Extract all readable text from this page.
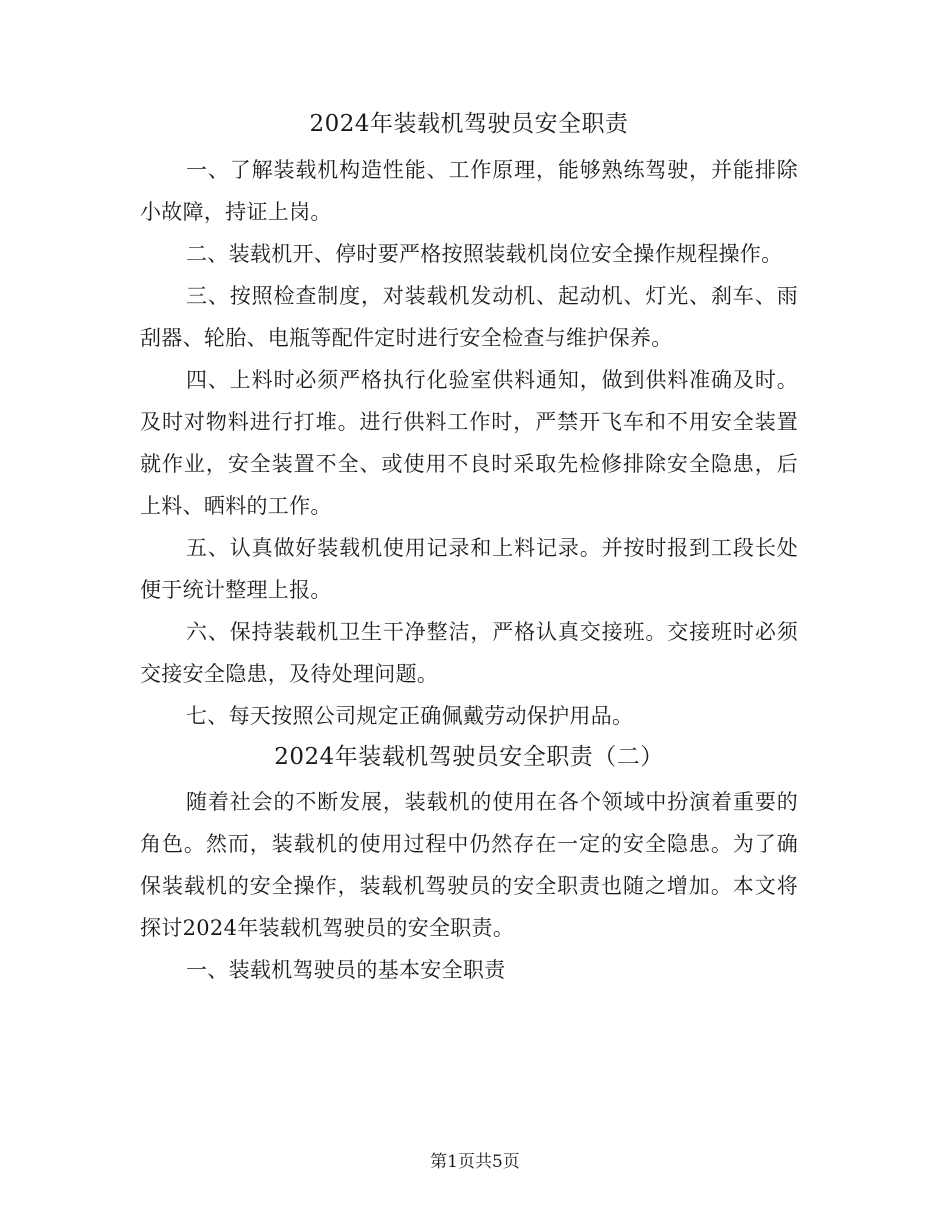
2024年装载机驾驶员安全职责

一、了解装载机构造性能、工作原理，能够熟练驾驶，并能排除小故障，持证上岗。

二、装载机开、停时要严格按照装载机岗位安全操作规程操作。

三、按照检查制度，对装载机发动机、起动机、灯光、刹车、雨刮器、轮胎、电瓶等配件定时进行安全检查与维护保养。

四、上料时必须严格执行化验室供料通知，做到供料准确及时。及时对物料进行打堆。进行供料工作时，严禁开飞车和不用安全装置就作业，安全装置不全、或使用不良时采取先检修排除安全隐患，后上料、晒料的工作。

五、认真做好装载机使用记录和上料记录。并按时报到工段长处便于统计整理上报。

六、保持装载机卫生干净整洁，严格认真交接班。交接班时必须交接安全隐患，及待处理问题。

七、每天按照公司规定正确佩戴劳动保护用品。

2024年装载机驾驶员安全职责（二）

随着社会的不断发展，装载机的使用在各个领域中扮演着重要的角色。然而，装载机的使用过程中仍然存在一定的安全隐患。为了确保装载机的安全操作，装载机驾驶员的安全职责也随之增加。本文将探讨2024年装载机驾驶员的安全职责。

一、装载机驾驶员的基本安全职责

第1页共5页
